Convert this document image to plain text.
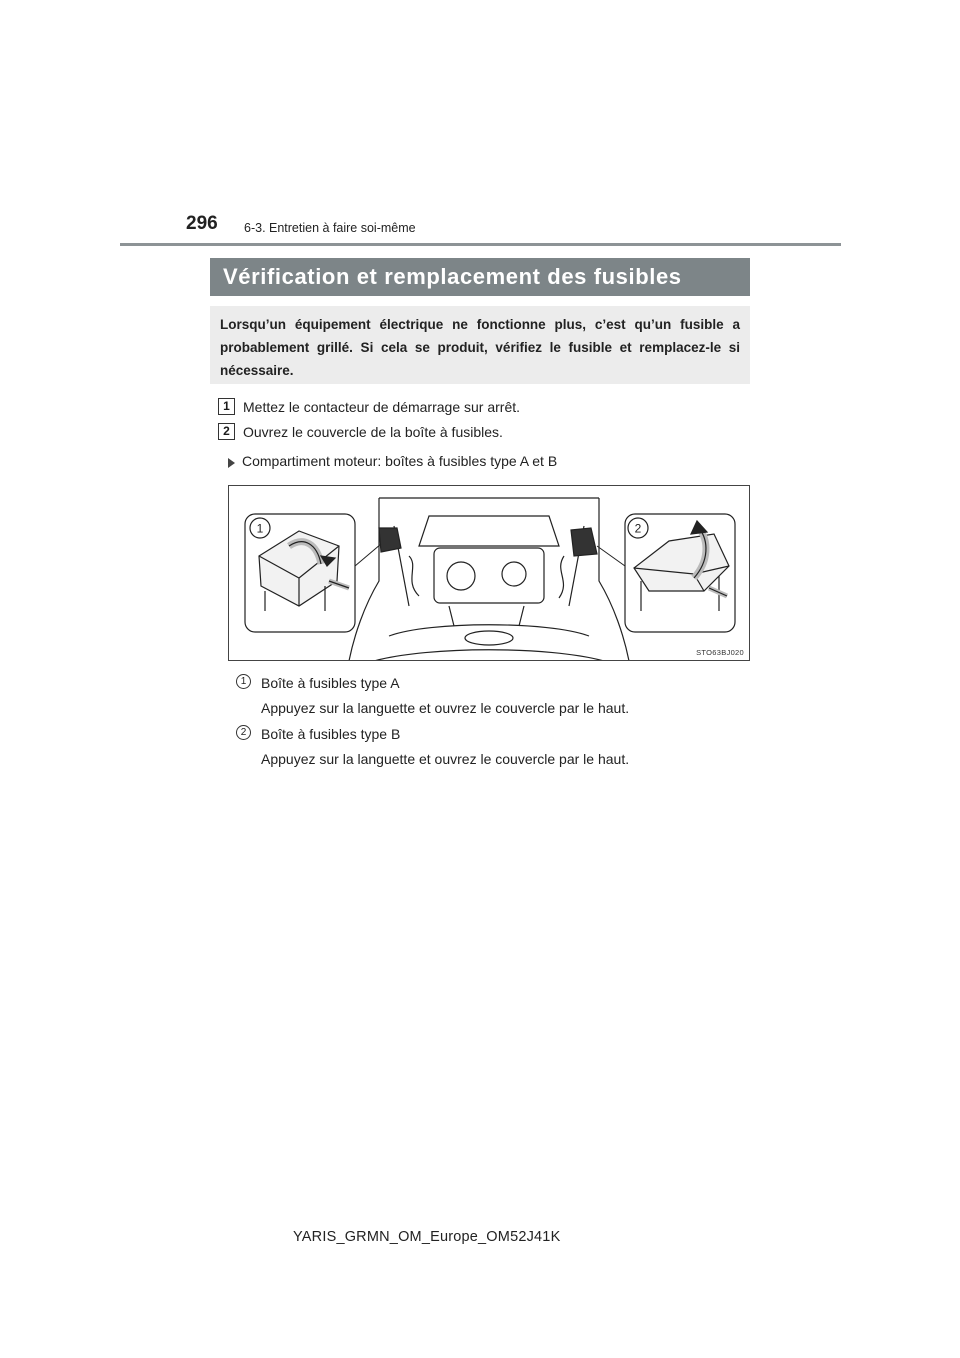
296 6-3. Entretien à faire soi-même
Vérification et remplacement des fusibles
Lorsqu’un équipement électrique ne fonctionne plus, c’est qu’un fusible a probablement grillé. Si cela se produit, vérifiez le fusible et remplacez-le si nécessaire.
1 Mettez le contacteur de démarrage sur arrêt.
2 Ouvrez le couvercle de la boîte à fusibles.
Compartiment moteur: boîtes à fusibles type A et B
1	2
STO63BJ020
1	Boîte à fusibles type A
Appuyez sur la languette et ouvrez le couvercle par le haut.
2	Boîte à fusibles type B
Appuyez sur la languette et ouvrez le couvercle par le haut.
YARIS_GRMN_OM_Europe_OM52J41K
